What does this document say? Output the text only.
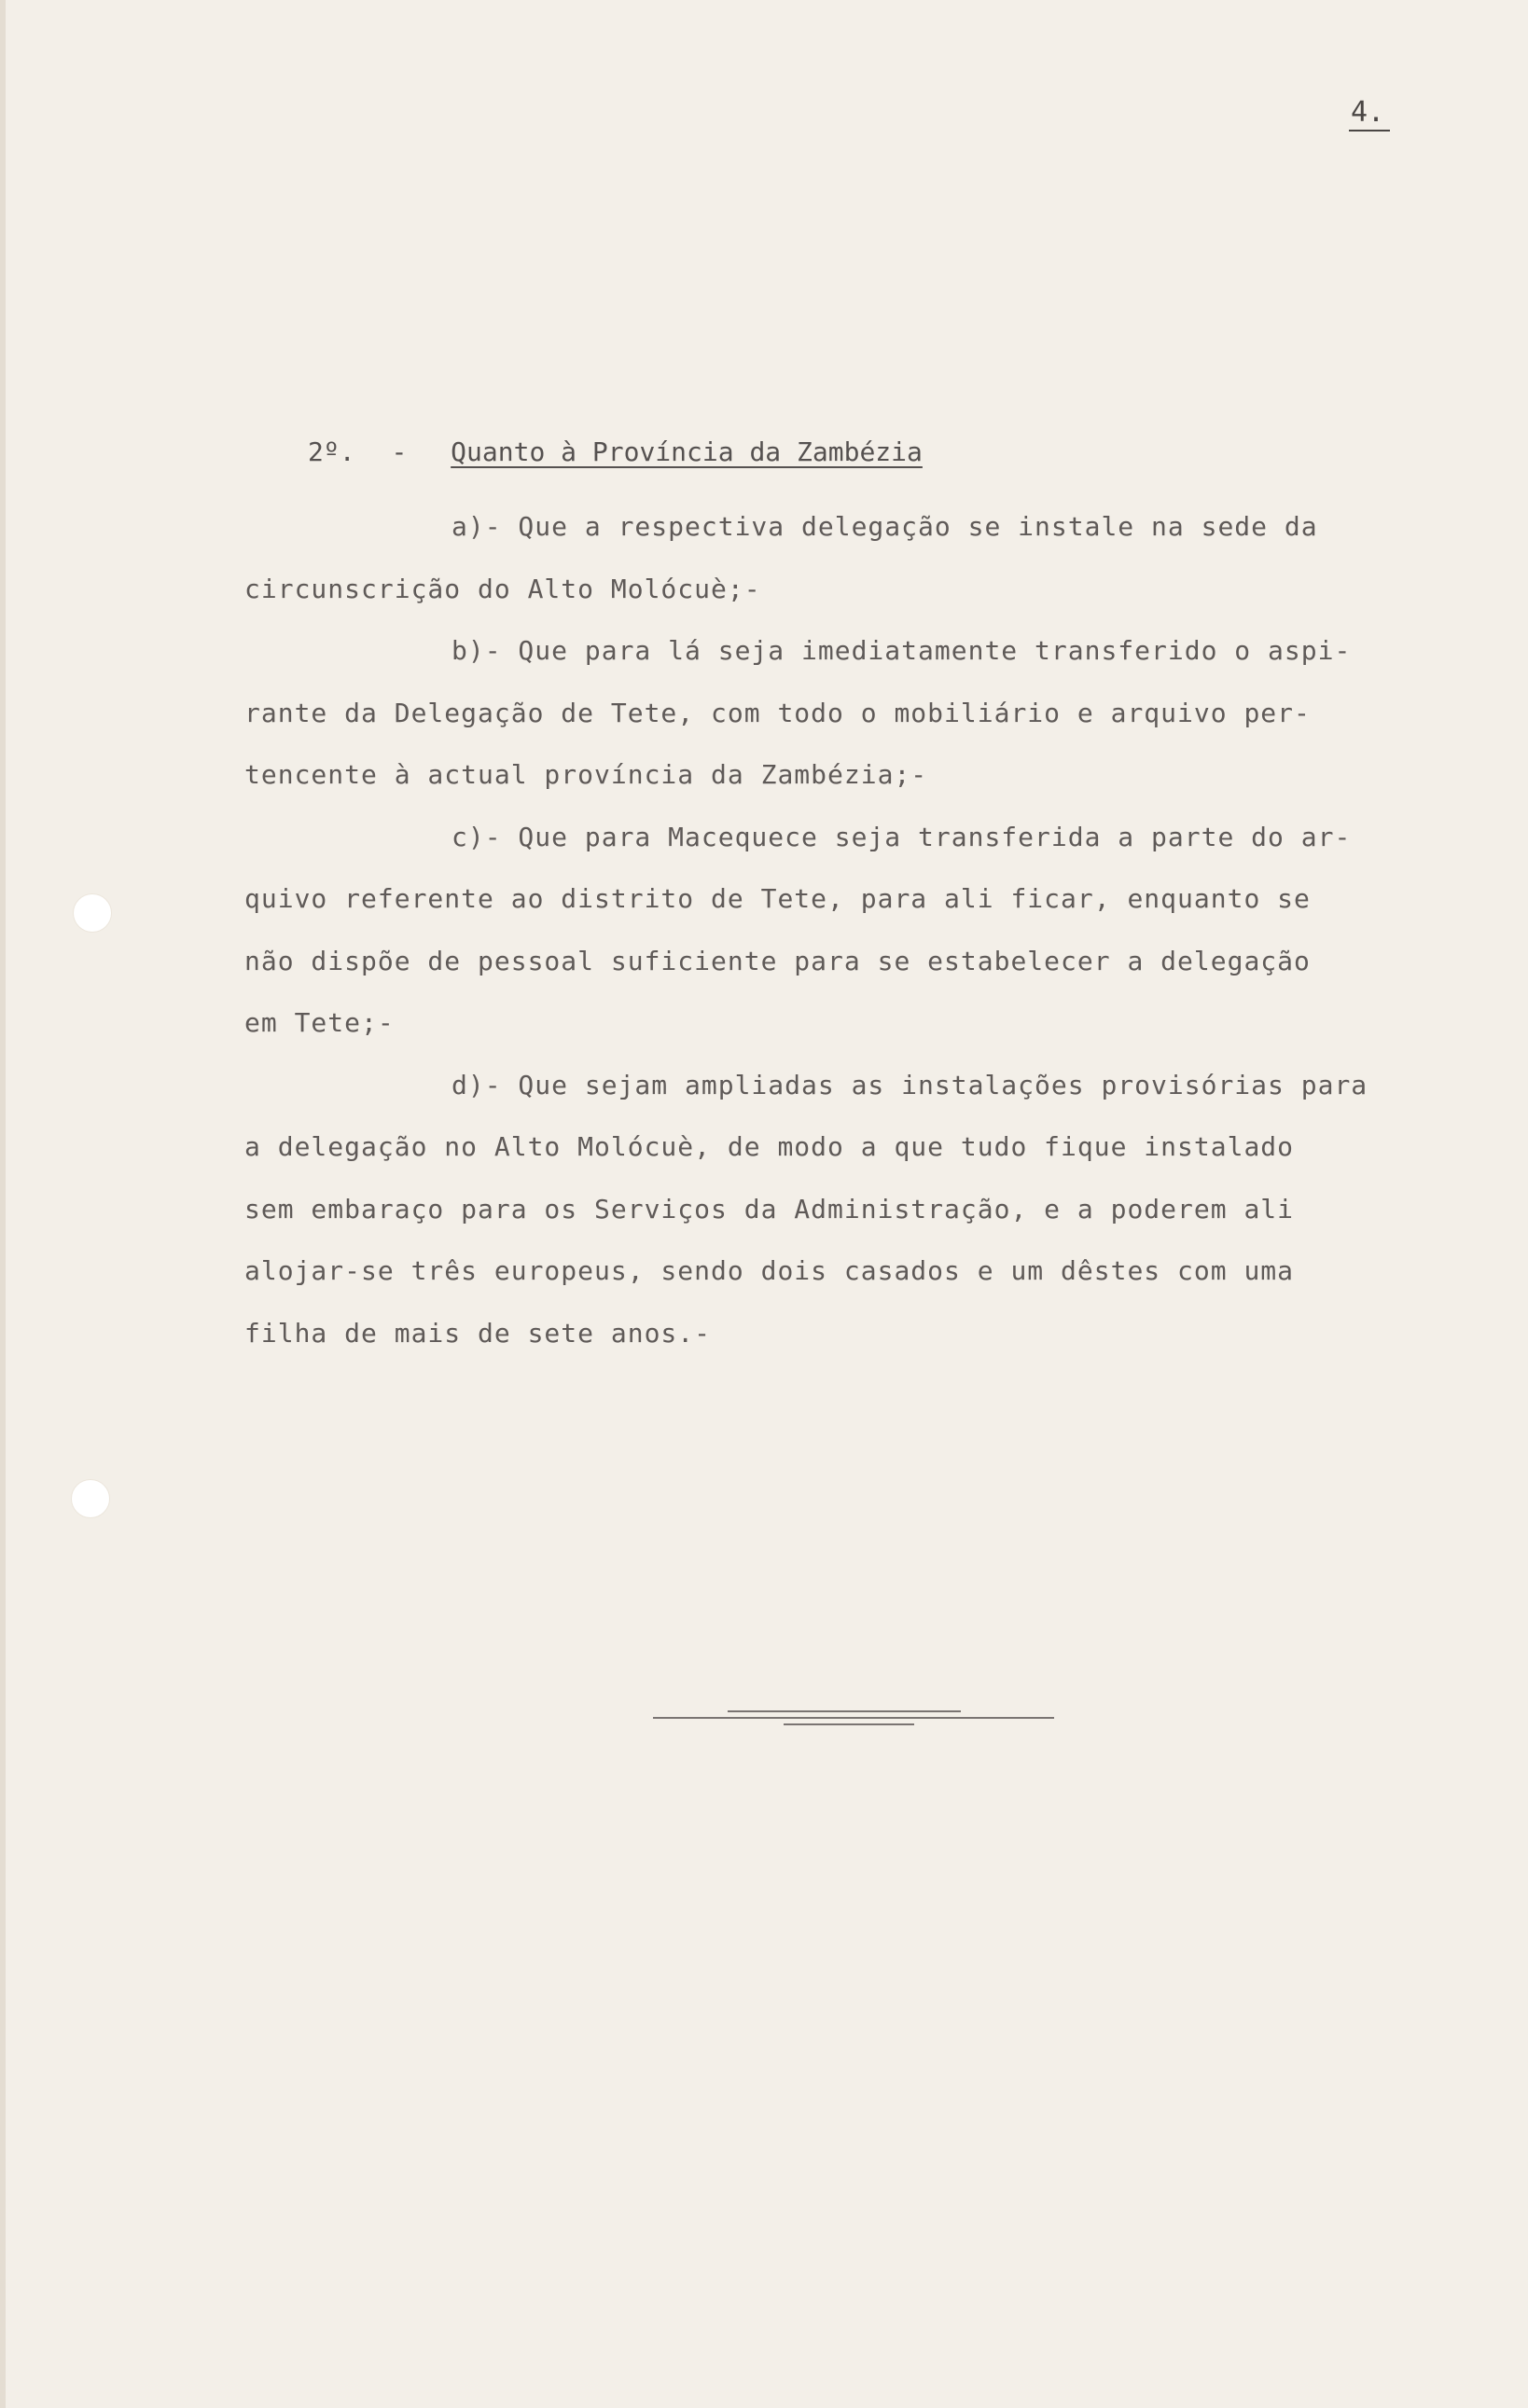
4.
2º. - Quanto à Província da Zambézia
a)- Que a respectiva delegação se instale na sede da
circunscrição do Alto Molócuè;-
b)- Que para lá seja imediatamente transferido o aspi-
rante da Delegação de Tete, com todo o mobiliário e arquivo per-
tencente à actual província da Zambézia;-
c)- Que para Macequece seja transferida a parte do ar-
quivo referente ao distrito de Tete, para ali ficar, enquanto se
não dispõe de pessoal suficiente para se estabelecer a delegação
em Tete;-
d)- Que sejam ampliadas as instalações provisórias para
a delegação no Alto Molócuè, de modo a que tudo fique instalado
sem embaraço para os Serviços da Administração, e a poderem ali
alojar-se três europeus, sendo dois casados e um dêstes com uma
filha de mais de sete anos.-
